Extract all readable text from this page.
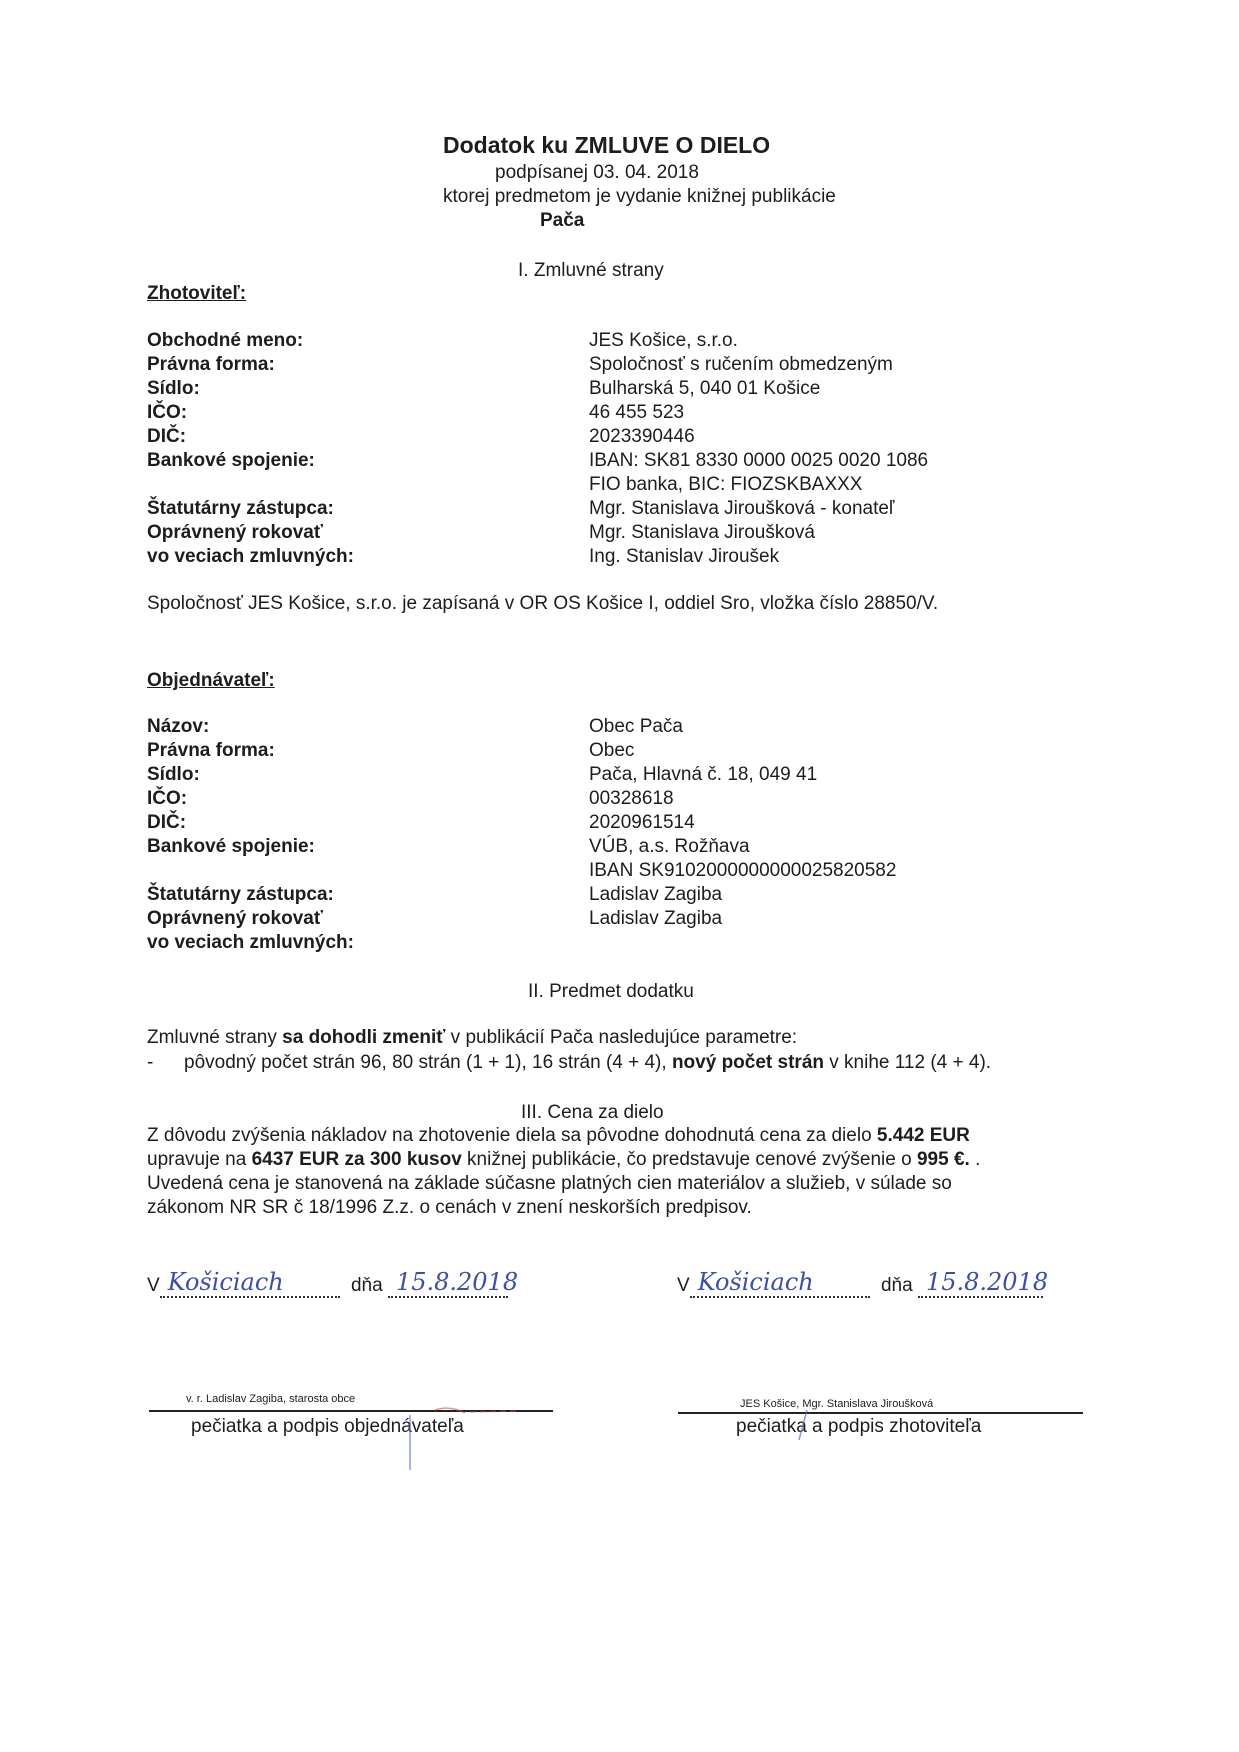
Dodatok ku ZMLUVE O DIELO
podpísanej 03. 04. 2018
ktorej predmetom je vydanie knižnej publikácie
Pača
I. Zmluvné strany
Zhotoviteľ:
Obchodné meno:	JES Košice, s.r.o.
Právna forma:	Spoločnosť s ručením obmedzeným
Sídlo:	Bulharská 5, 040 01 Košice
IČO:	46 455 523
DIČ:	2023390446
Bankové spojenie:	IBAN: SK81 8330 0000 0025 0020 1086
FIO banka, BIC: FIOZSKBAXXX
Štatutárny zástupca:	Mgr. Stanislava Jiroušková - konateľ
Oprávnený rokovať	Mgr. Stanislava Jiroušková
vo veciach zmluvných:	Ing. Stanislav Jiroušek
Spoločnosť JES Košice, s.r.o. je zapísaná v OR OS Košice I, oddiel Sro, vložka číslo 28850/V.
Objednávateľ:
Názov:	Obec Pača
Právna forma:	Obec
Sídlo:	Pača, Hlavná č. 18, 049 41
IČO:	00328618
DIČ:	2020961514
Bankové spojenie:	VÚB, a.s. Rožňava
IBAN SK9102000000000025820582
Štatutárny zástupca:	Ladislav Zagiba
Oprávnený rokovať	Ladislav Zagiba
vo veciach zmluvných:
II. Predmet dodatku
Zmluvné strany sa dohodli zmeniť v publikácií Pača nasledujúce parametre:
- pôvodný počet strán 96, 80 strán (1 + 1), 16 strán (4 + 4), nový počet strán v knihe 112 (4 + 4).
III. Cena za dielo
Z dôvodu zvýšenia nákladov na zhotovenie diela sa pôvodne dohodnutá cena za dielo 5.442 EUR
upravuje na 6437 EUR za 300 kusov knižnej publikácie, čo predstavuje cenové zvýšenie o 995 €. .
Uvedená cena je stanovená na základe súčasne platných cien materiálov a služieb, v súlade so
zákonom NR SR č 18/1996 Z.z. o cenách v znení neskorších predpisov.
V Košiciach	dňa 15.8.2018	V Košiciach	dňa 15.8.2018
v. r. Ladislav Zagiba, starosta obce
pečiatka a podpis objednávateľa
JES Košice, Mgr. Stanislava Jiroušková
pečiatka a podpis zhotoviteľa
